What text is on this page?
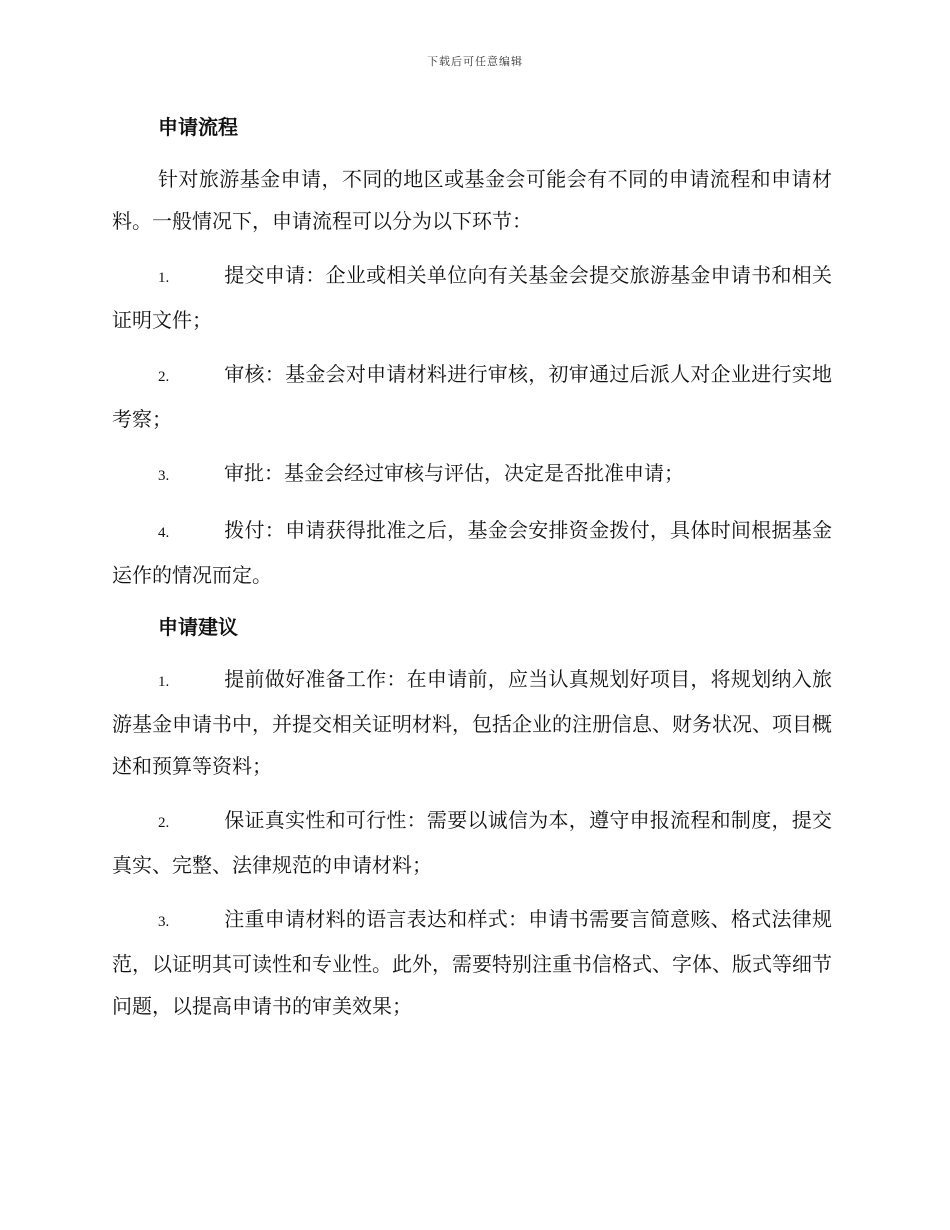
下载后可任意编辑
申请流程

针对旅游基金申请，不同的地区或基金会可能会有不同的申请流程和申请材料。一般情况下，申请流程可以分为以下环节：

1.	提交申请：企业或相关单位向有关基金会提交旅游基金申请书和相关证明文件；

2.	审核：基金会对申请材料进行审核，初审通过后派人对企业进行实地考察；

3.	审批：基金会经过审核与评估，决定是否批准申请；

4.	拨付：申请获得批准之后，基金会安排资金拨付，具体时间根据基金运作的情况而定。

申请建议

1.	提前做好准备工作：在申请前，应当认真规划好项目，将规划纳入旅游基金申请书中，并提交相关证明材料，包括企业的注册信息、财务状况、项目概述和预算等资料；

2.	保证真实性和可行性：需要以诚信为本，遵守申报流程和制度，提交真实、完整、法律规范的申请材料；

3.	注重申请材料的语言表达和样式：申请书需要言简意赅、格式法律规范，以证明其可读性和专业性。此外，需要特别注重书信格式、字体、版式等细节问题，以提高申请书的审美效果；
